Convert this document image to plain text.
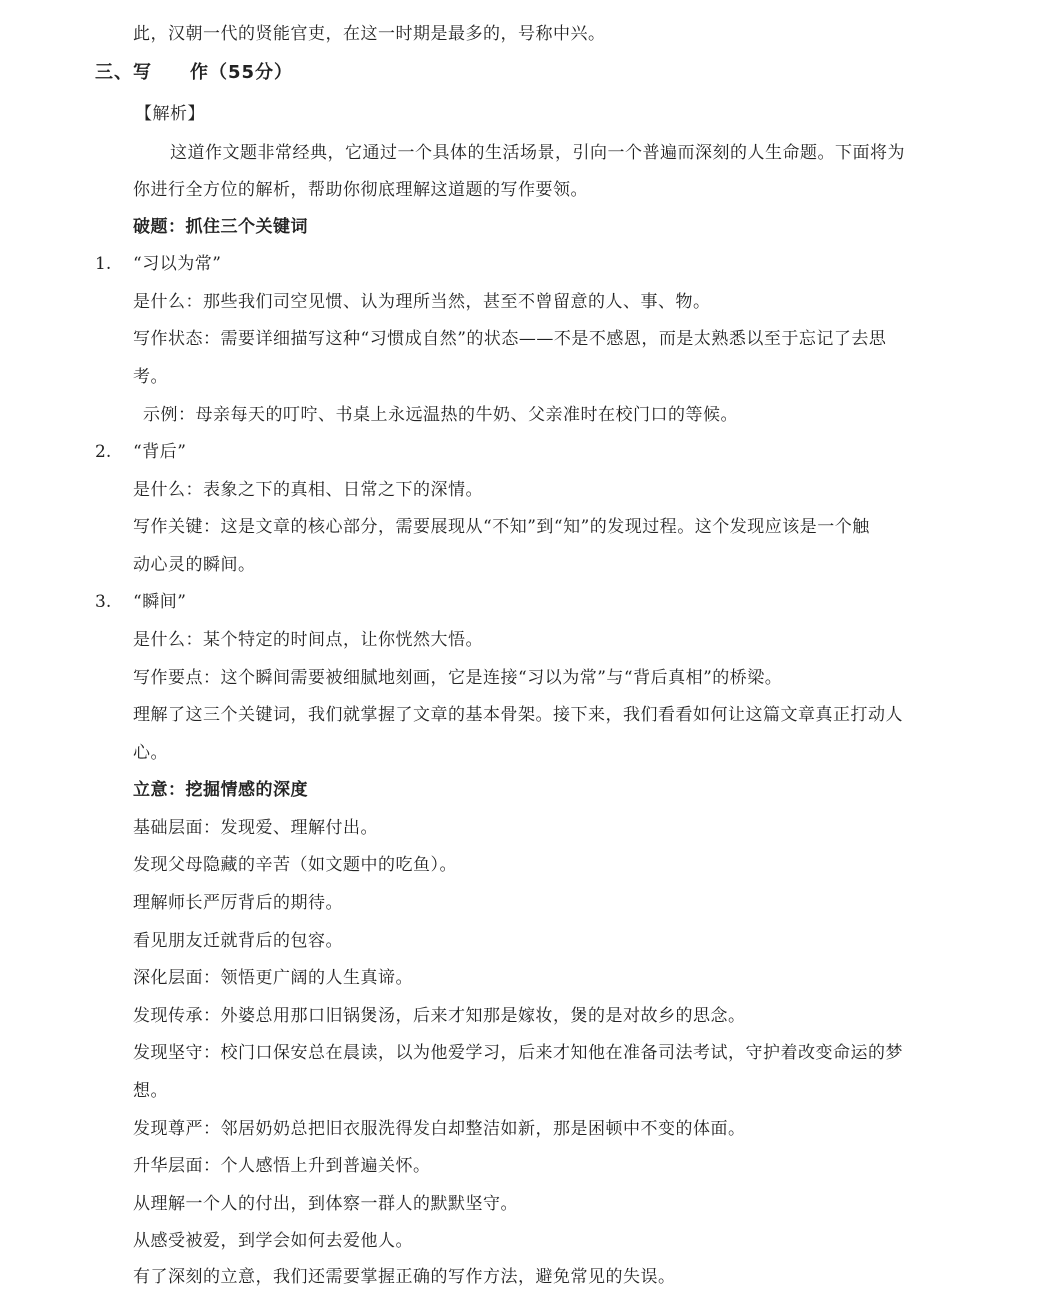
此，汉朝一代的贤能官吏，在这一时期是最多的，号称中兴。
三、写　　作（55分）
【解析】
这道作文题非常经典，它通过一个具体的生活场景，引向一个普遍而深刻的人生命题。下面将为
你进行全方位的解析，帮助你彻底理解这道题的写作要领。
破题：抓住三个关键词
1. “习以为常”
是什么：那些我们司空见惯、认为理所当然，甚至不曾留意的人、事、物。
写作状态：需要详细描写这种“习惯成自然”的状态——不是不感恩，而是太熟悉以至于忘记了去思
考。
示例：母亲每天的叮咛、书桌上永远温热的牛奶、父亲准时在校门口的等候。
2. “背后”
是什么：表象之下的真相、日常之下的深情。
写作关键：这是文章的核心部分，需要展现从“不知”到“知”的发现过程。这个发现应该是一个触
动心灵的瞬间。
3. “瞬间”
是什么：某个特定的时间点，让你恍然大悟。
写作要点：这个瞬间需要被细腻地刻画，它是连接“习以为常”与“背后真相”的桥梁。
理解了这三个关键词，我们就掌握了文章的基本骨架。接下来，我们看看如何让这篇文章真正打动人
心。
立意：挖掘情感的深度
基础层面：发现爱、理解付出。
发现父母隐藏的辛苦（如文题中的吃鱼）。
理解师长严厉背后的期待。
看见朋友迁就背后的包容。
深化层面：领悟更广阔的人生真谛。
发现传承：外婆总用那口旧锅煲汤，后来才知那是嫁妆，煲的是对故乡的思念。
发现坚守：校门口保安总在晨读，以为他爱学习，后来才知他在准备司法考试，守护着改变命运的梦
想。
发现尊严：邻居奶奶总把旧衣服洗得发白却整洁如新，那是困顿中不变的体面。
升华层面：个人感悟上升到普遍关怀。
从理解一个人的付出，到体察一群人的默默坚守。
从感受被爱，到学会如何去爱他人。
有了深刻的立意，我们还需要掌握正确的写作方法，避免常见的失误。
